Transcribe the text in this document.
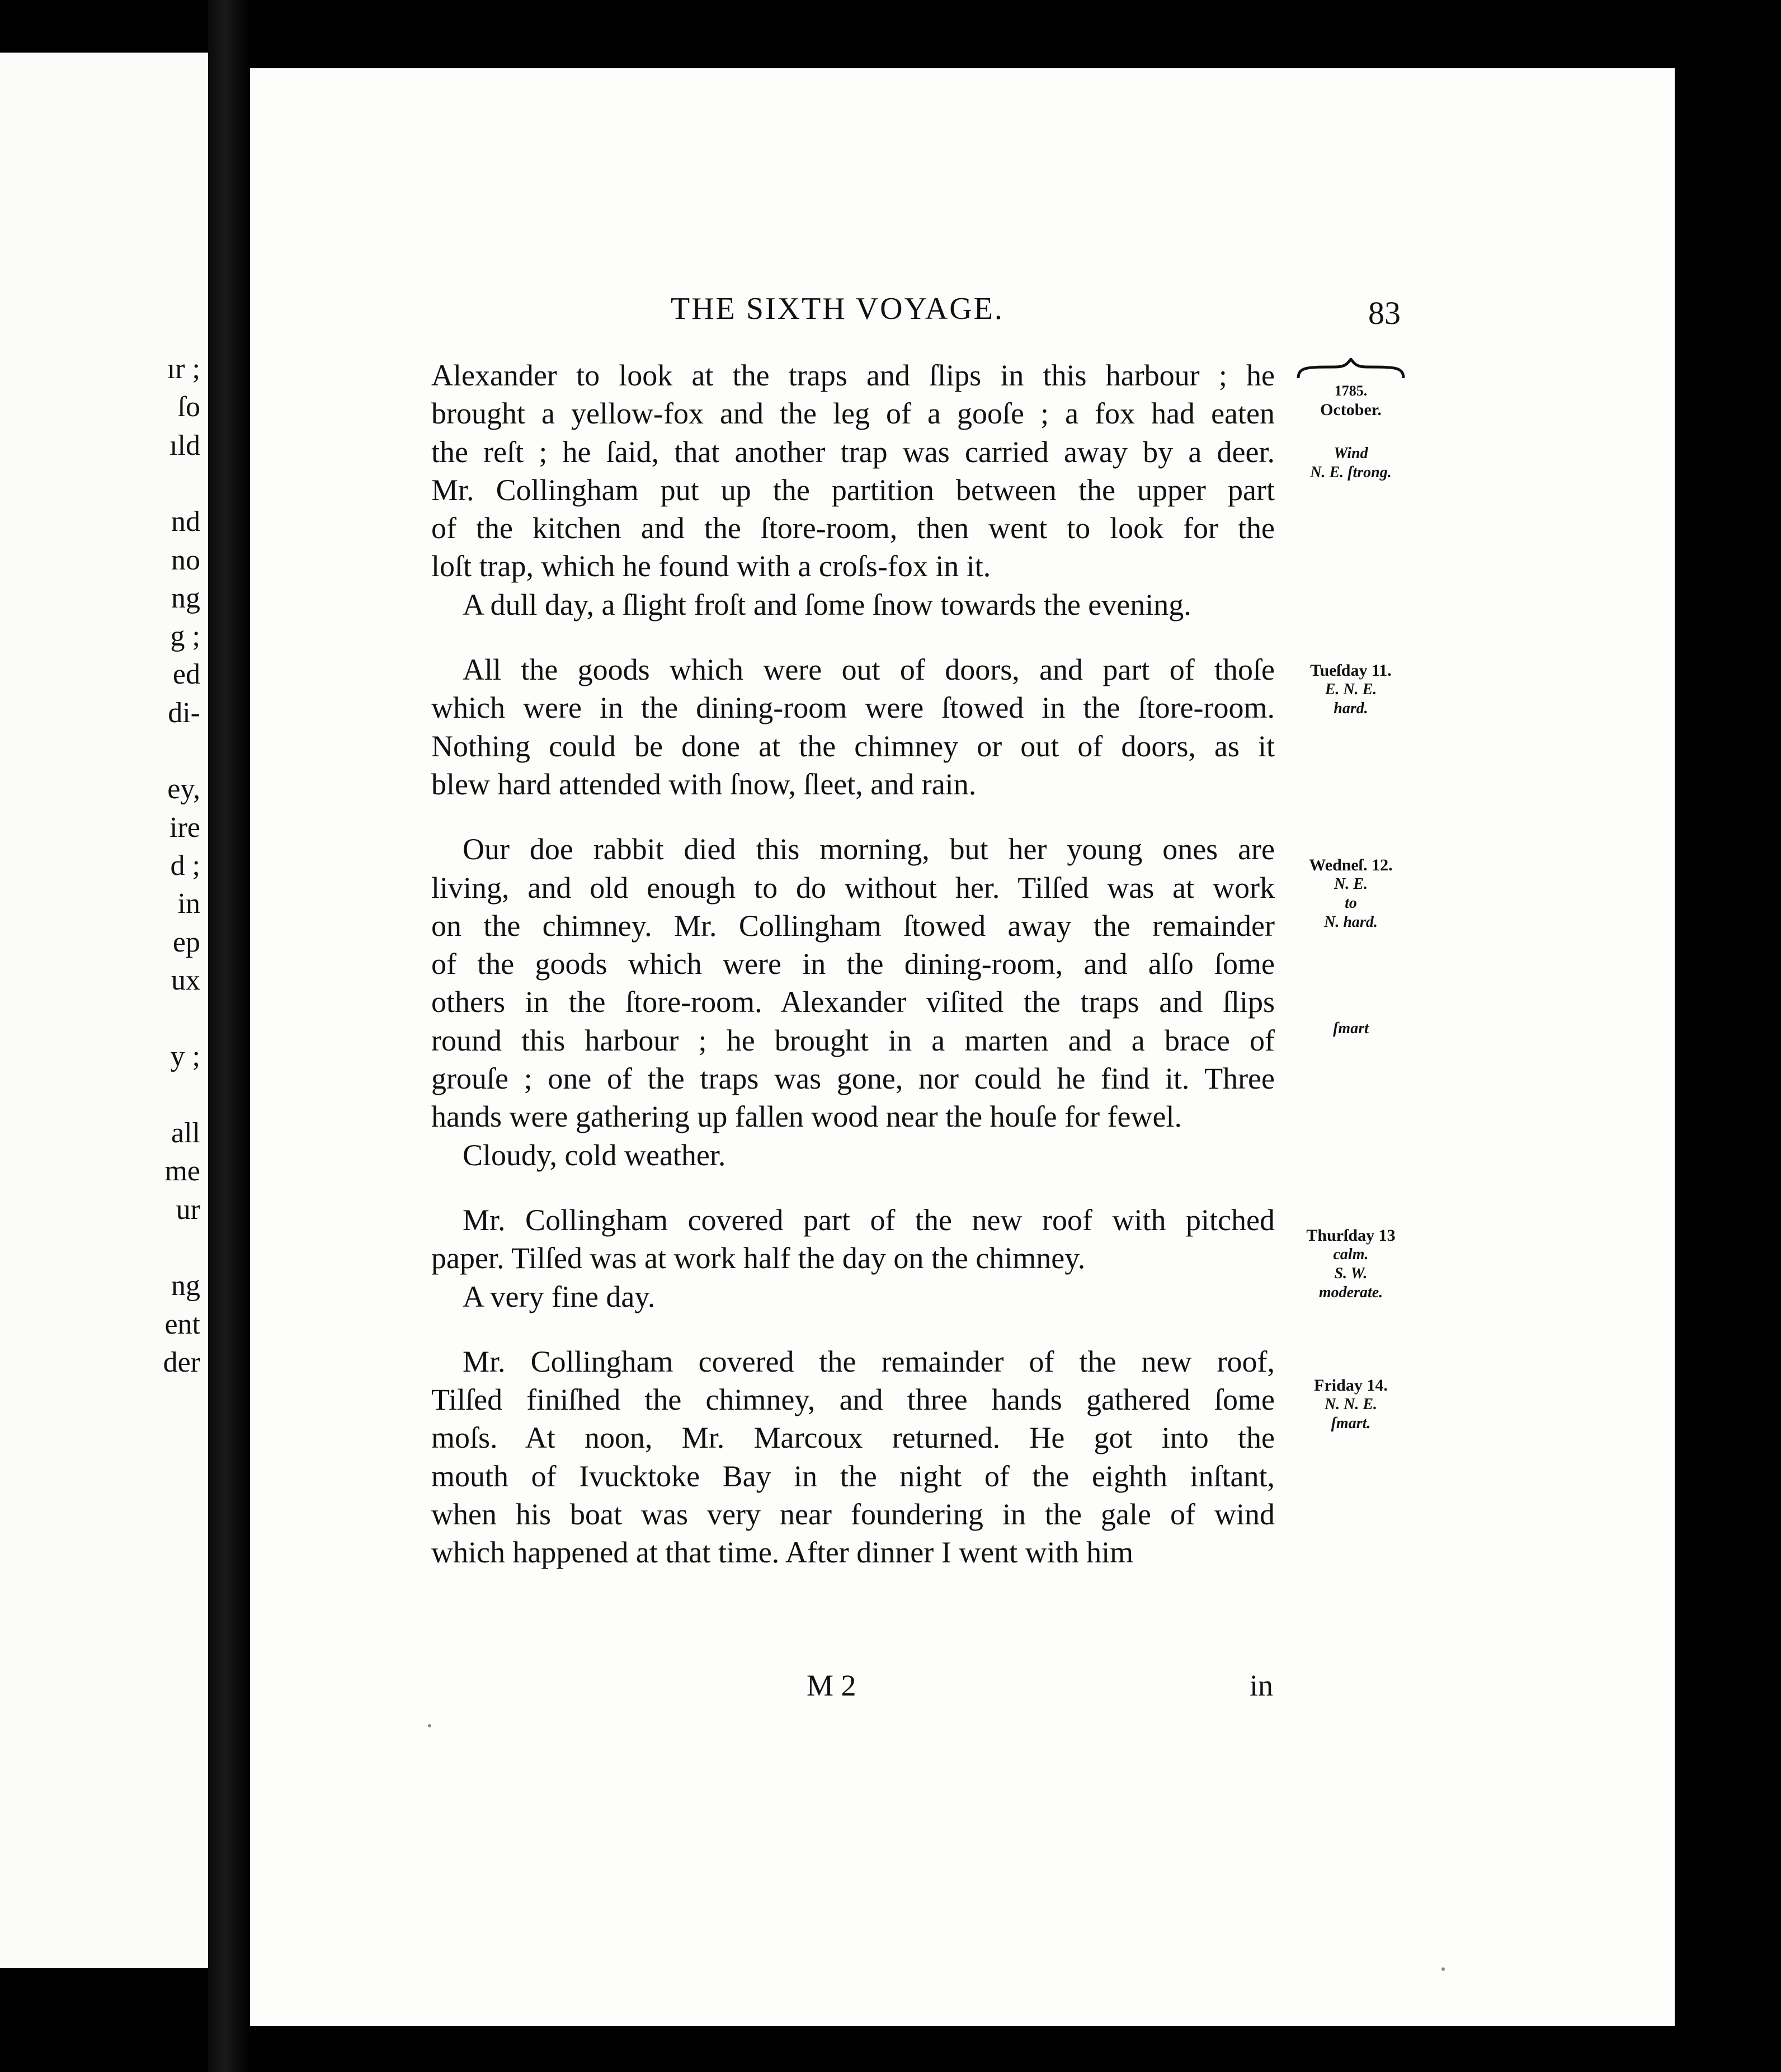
ır ;
ſo
ıld
nd
no
ng
g ;
ed
di-
ey,
ire
d ;
in
ep
ux
y ;
all
me
ur
ng
ent
der
THE SIXTH VOYAGE.	83
Alexander to look at the traps and ſlips in this harbour ; he
brought a yellow-fox and the leg of a gooſe ; a fox had eaten
the reſt ; he ſaid, that another trap was carried away by a deer.
Mr. Collingham put up the partition between the upper part
of the kitchen and the ſtore-room, then went to look for the
loſt trap, which he found with a croſs-fox in it.
A dull day, a ſlight froſt and ſome ſnow towards the evening.
All the goods which were out of doors, and part of thoſe
which were in the dining-room were ſtowed in the ſtore-room.
Nothing could be done at the chimney or out of doors, as it
blew hard attended with ſnow, ſleet, and rain.
Our doe rabbit died this morning, but her young ones are
living, and old enough to do without her. Tilſed was at work
on the chimney. Mr. Collingham ſtowed away the remainder
of the goods which were in the dining-room, and alſo ſome
others in the ſtore-room. Alexander viſited the traps and ſlips
round this harbour ; he brought in a marten and a brace of
grouſe ; one of the traps was gone, nor could he find it. Three
hands were gathering up fallen wood near the houſe for fewel.
Cloudy, cold weather.
Mr. Collingham covered part of the new roof with pitched
paper. Tilſed was at work half the day on the chimney.
A very fine day.
Mr. Collingham covered the remainder of the new roof,
Tilſed finiſhed the chimney, and three hands gathered ſome
moſs. At noon, Mr. Marcoux returned. He got into the
mouth of Ivucktoke Bay in the night of the eighth inſtant,
when his boat was very near foundering in the gale of wind
which happened at that time. After dinner I went with him
1785.
October.
Wind
N. E. ſtrong.
Tueſday 11.
E. N. E.
hard.
Wedneſ. 12.
N. E.
to
N. hard.
ſmart
Thurſday 13
calm.
S. W.
moderate.
Friday 14.
N. N. E.
ſmart.
M 2	in
